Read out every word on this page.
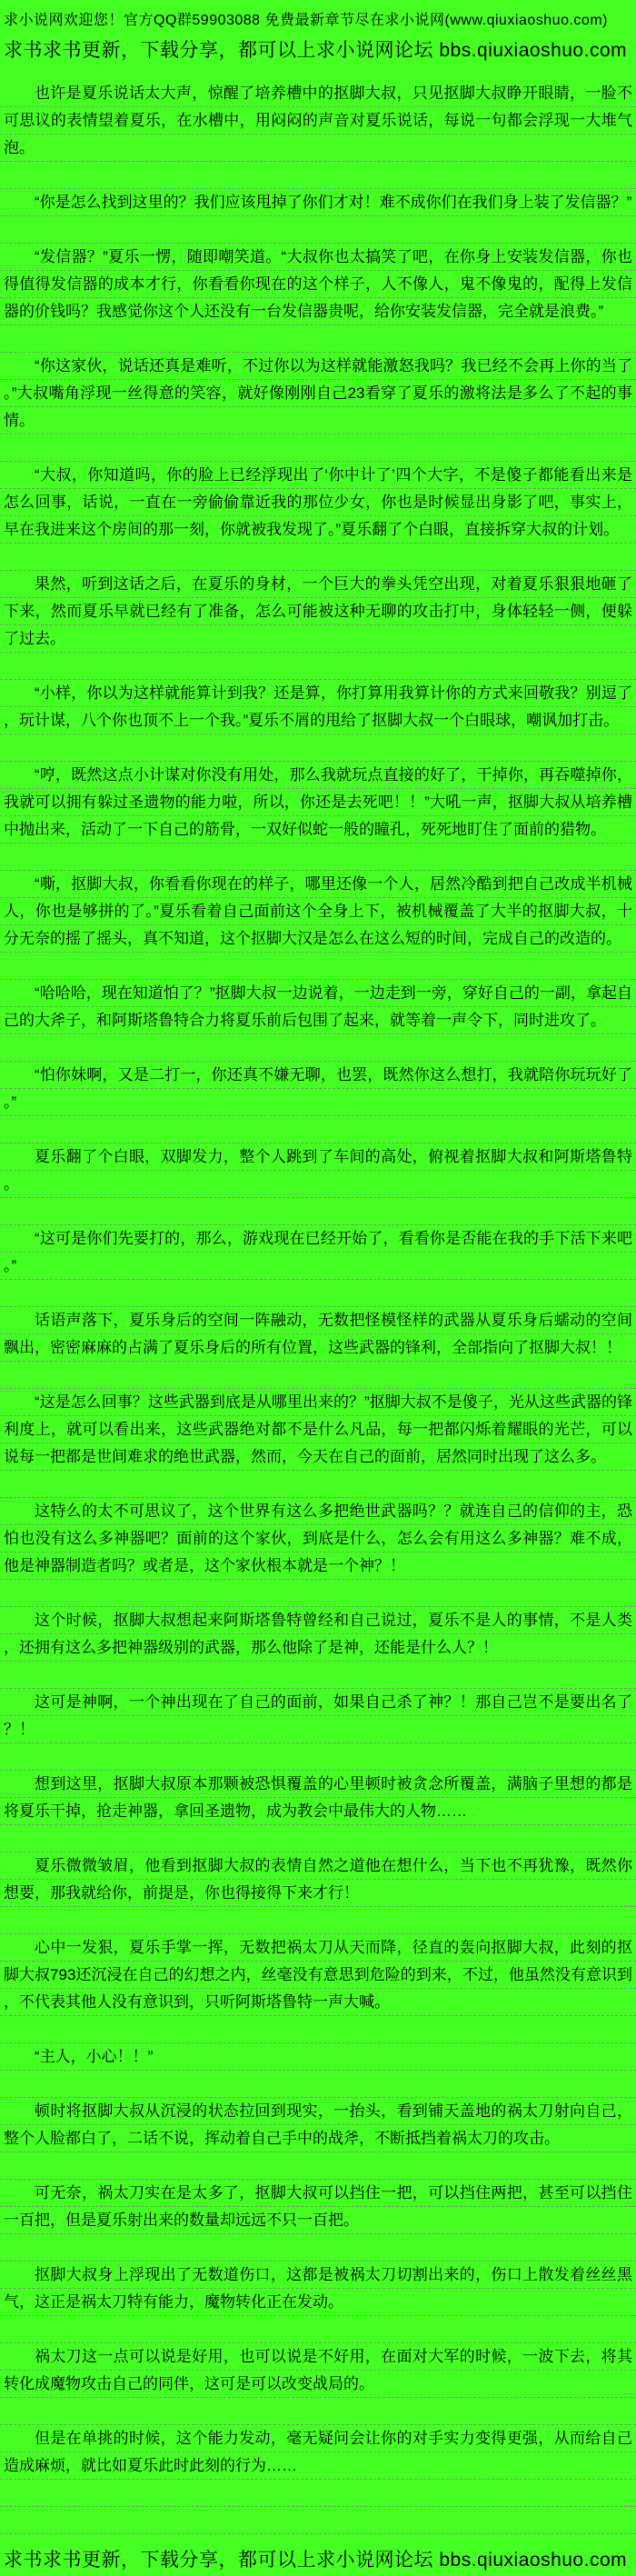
求小说网欢迎您！官方QQ群59903088 免费最新章节尽在求小说网(www.qiuxiaoshuo.com)
求书求书更新，下载分享，都可以上求小说网论坛 bbs.qiuxiaoshuo.com

也许是夏乐说话太大声，惊醒了培养槽中的抠脚大叔，只见抠脚大叔睁开眼睛，一脸不可思议的表情望着夏乐，在水槽中，用闷闷的声音对夏乐说话，每说一句都会浮现一大堆气泡。

“你是怎么找到这里的？我们应该甩掉了你们才对！难不成你们在我们身上装了发信器？”

“发信器？”夏乐一愣，随即嘲笑道。“大叔你也太搞笑了吧，在你身上安装发信器，你也得值得发信器的成本才行，你看看你现在的这个样子，人不像人，鬼不像鬼的，配得上发信器的价钱吗？我感觉你这个人还没有一台发信器贵呢，给你安装发信器，完全就是浪费。”

“你这家伙，说话还真是难听，不过你以为这样就能激怒我吗？我已经不会再上你的当了。”大叔嘴角浮现一丝得意的笑容，就好像刚刚自己23看穿了夏乐的激将法是多么了不起的事情。

“大叔，你知道吗，你的脸上已经浮现出了‘你中计了’四个大字，不是傻子都能看出来是怎么回事，话说，一直在一旁偷偷靠近我的那位少女，你也是时候显出身影了吧，事实上，早在我进来这个房间的那一刻，你就被我发现了。”夏乐翻了个白眼，直接拆穿大叔的计划。

果然，听到这话之后，在夏乐的身材，一个巨大的拳头凭空出现，对着夏乐狠狠地砸了下来，然而夏乐早就已经有了准备，怎么可能被这种无聊的攻击打中，身体轻轻一侧，便躲了过去。

“小样，你以为这样就能算计到我？还是算，你打算用我算计你的方式来回敬我？别逗了，玩计谋，八个你也顶不上一个我。”夏乐不屑的甩给了抠脚大叔一个白眼球，嘲讽加打击。

“哼，既然这点小计谋对你没有用处，那么我就玩点直接的好了，干掉你，再吞噬掉你，我就可以拥有躲过圣遗物的能力啦，所以，你还是去死吧！！”大吼一声，抠脚大叔从培养槽中抛出来，活动了一下自己的筋骨，一双好似蛇一般的瞳孔，死死地盯住了面前的猎物。

“嘶，抠脚大叔，你看看你现在的样子，哪里还像一个人，居然冷酷到把自己改成半机械人，你也是够拼的了。”夏乐看着自己面前这个全身上下，被机械覆盖了大半的抠脚大叔，十分无奈的摇了摇头，真不知道，这个抠脚大汉是怎么在这么短的时间，完成自己的改造的。

“哈哈哈，现在知道怕了？”抠脚大叔一边说着，一边走到一旁，穿好自己的一副，拿起自己的大斧子，和阿斯塔鲁特合力将夏乐前后包围了起来，就等着一声令下，同时进攻了。

“怕你妹啊，又是二打一，你还真不嫌无聊，也罢，既然你这么想打，我就陪你玩玩好了。”

夏乐翻了个白眼，双脚发力，整个人跳到了车间的高处，俯视着抠脚大叔和阿斯塔鲁特。

“这可是你们先要打的，那么，游戏现在已经开始了，看看你是否能在我的手下活下来吧。”

话语声落下，夏乐身后的空间一阵融动，无数把怪模怪样的武器从夏乐身后蠕动的空间飘出，密密麻麻的占满了夏乐身后的所有位置，这些武器的锋利，全部指向了抠脚大叔！！

“这是怎么回事？这些武器到底是从哪里出来的？”抠脚大叔不是傻子，光从这些武器的锋利度上，就可以看出来，这些武器绝对都不是什么凡品，每一把都闪烁着耀眼的光芒，可以说每一把都是世间难求的绝世武器，然而，今天在自己的面前，居然同时出现了这么多。

这特么的太不可思议了，这个世界有这么多把绝世武器吗？？就连自己的信仰的主，恐怕也没有这么多神器吧？面前的这个家伙，到底是什么，怎么会有用这么多神器？难不成，他是神器制造者吗？或者是，这个家伙根本就是一个神？！

这个时候，抠脚大叔想起来阿斯塔鲁特曾经和自己说过，夏乐不是人的事情，不是人类，还拥有这么多把神器级别的武器，那么他除了是神，还能是什么人？！

这可是神啊，一个神出现在了自己的面前，如果自己杀了神？！那自己岂不是要出名了？！

想到这里，抠脚大叔原本那颗被恐惧覆盖的心里顿时被贪念所覆盖，满脑子里想的都是将夏乐干掉，抢走神器，拿回圣遗物，成为教会中最伟大的人物……

夏乐微微皱眉，他看到抠脚大叔的表情自然之道他在想什么，当下也不再犹豫，既然你想要，那我就给你，前提是，你也得接得下来才行！

心中一发狠，夏乐手掌一挥，无数把祸太刀从天而降，径直的轰向抠脚大叔，此刻的抠脚大叔793还沉浸在自己的幻想之内，丝毫没有意思到危险的到来，不过，他虽然没有意识到，不代表其他人没有意识到，只听阿斯塔鲁特一声大喊。

“主人，小心！！”

顿时将抠脚大叔从沉浸的状态拉回到现实，一抬头，看到铺天盖地的祸太刀射向自己，整个人脸都白了，二话不说，挥动着自己手中的战斧，不断抵挡着祸太刀的攻击。

可无奈，祸太刀实在是太多了，抠脚大叔可以挡住一把，可以挡住两把，甚至可以挡住一百把，但是夏乐射出来的数量却远远不只一百把。

抠脚大叔身上浮现出了无数道伤口，这都是被祸太刀切割出来的，伤口上散发着丝丝黑气，这正是祸太刀特有能力，魔物转化正在发动。

祸太刀这一点可以说是好用，也可以说是不好用，在面对大军的时候，一波下去，将其转化成魔物攻击自己的同伴，这可是可以改变战局的。

但是在单挑的时候，这个能力发动，毫无疑问会让你的对手实力变得更强，从而给自己造成麻烦，就比如夏乐此时此刻的行为……

求书求书更新，下载分享，都可以上求小说网论坛 bbs.qiuxiaoshuo.com
